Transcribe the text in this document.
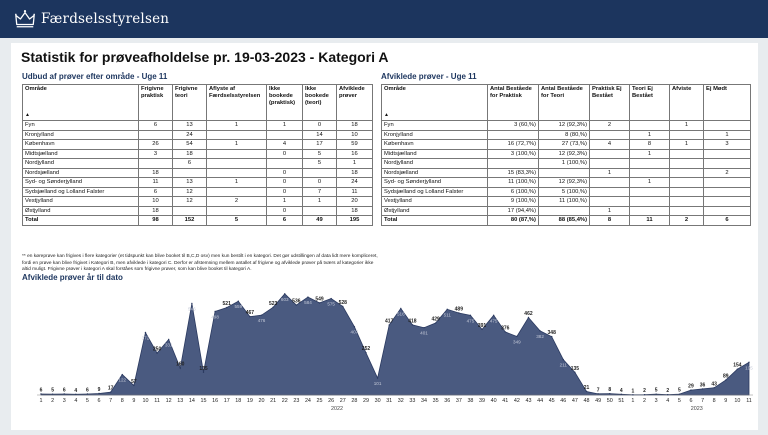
Færdselsstyrelsen
Statistik for prøveafholdelse pr. 19-03-2023 - Kategori A
Udbud af prøver efter område - Uge 11	Afviklede prøver - Uge 11
Område
▲	Frigivne praktisk	Frigivne teori	Aflyste af Færdselsstyrelsen	Ikke bookede (praktisk)	Ikke bookede (teori)	Afviklede prøver
Fyn	6	13	1	1	0	18
Kronjylland		24			14	10
København	26	54	1	4	17	59
Midtsjælland	3	18		0	5	16
Nordjylland		6			5	1
Nordsjælland	18			0		18
Syd- og Sønderjylland	11	13	1	0	0	24
Sydsjælland og Lolland Falster	6	12		0	7	11
Vestjylland	10	12	2	1	1	20
Østjylland	18			0		18
Total	98	152	5	6	49	195
Område
▲	Antal Beståede for Praktisk	Antal Beståede for Teori	Praktisk Ej Bestået	Teori Ej Bestået	Afviste	Ej Mødt
Fyn	3 (60,%)	12 (92,3%)	2		1	
Kronjylland		8 (80,%)		1		1
København	16 (72,7%)	27 (73,%)	4	8	1	3
Midtsjælland	3 (100,%)	12 (92,3%)		1		
Nordjylland		1 (100,%)				
Nordsjælland	15 (83,3%)		1			2
Syd- og Sønderjylland	11 (100,%)	12 (92,3%)		1		
Sydsjælland og Lolland Falster	6 (100,%)	5 (100,%)				
Vestjylland	9 (100,%)	11 (100,%)				
Østjylland	17 (94,4%)		1			
Total	80 (87,%)	88 (85,4%)	8	11	2	6
** en køreprøve kan frigives i flere kategorier (et tidspunkt kan blive booket til B,C,D osv) men kun bestilt i en kategori. Det gør udstillingen af data lidt mere kompliceret, fordi en prøve kan blive frigivet i Kategori B, men afviklede i kategori C. Derfor er afstemning mellem antallet af frigivne og afviklede prøver på tværs af kategorier ikke altid muligt. Frigivne prøver i kategori A skal forståes som frigivne prøver, som kan blive booket til kategori A.
Afviklede prøver år til dato
6
1
5
2
6
3
4
4
6
5
9
6
17
7
122
8
57
9
372
10
250
11
331
12
160
13
546
14
135
15
498
16
521
17
559
18
467
19
476
20
523
21
603
22
536
23
584
24
549
25
575
26
528
27
407
28
252
29
101
30
417
31
516
32
418
33
401
34
429
35
511
36
489
37
475
38
391
39
475
40
376
41
349
42
462
43
382
44
348
45
211
46
135
47
21
48
7
49
8
50
4
51
1
1
2
2
5
3
2
4
5
5
29
6
36
7
43
8
89
9
154
10
195
11
2022	2023
